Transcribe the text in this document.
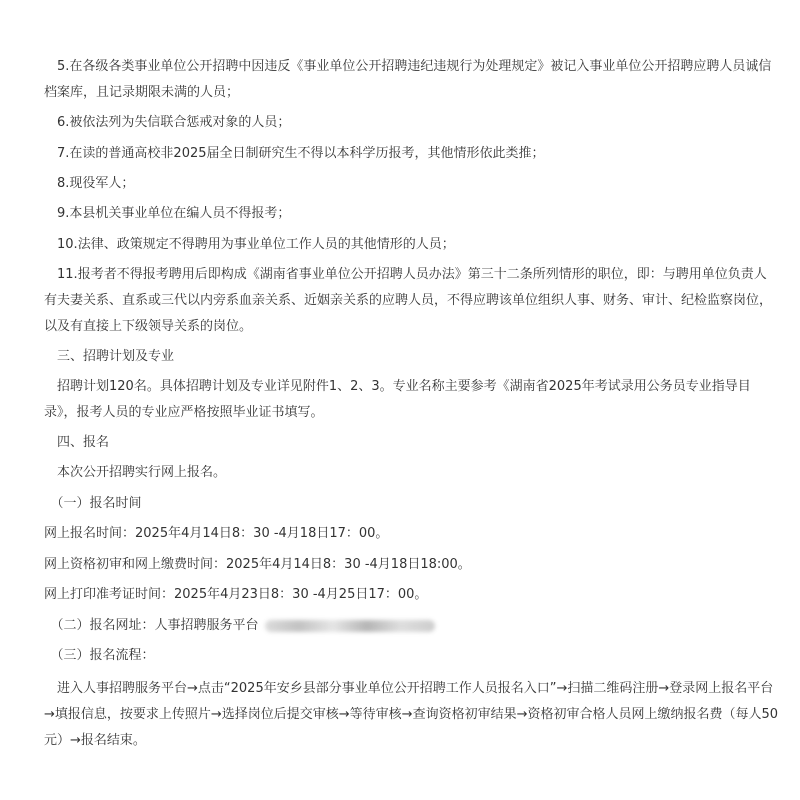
　5.在各级各类事业单位公开招聘中因违反《事业单位公开招聘违纪违规行为处理规定》被记入事业单位公开招聘应聘人员诚信档案库，且记录期限未满的人员；

　6.被依法列为失信联合惩戒对象的人员；

　7.在读的普通高校非2025届全日制研究生不得以本科学历报考，其他情形依此类推；

　8.现役军人；

　9.本县机关事业单位在编人员不得报考；

　10.法律、政策规定不得聘用为事业单位工作人员的其他情形的人员；

　11.报考者不得报考聘用后即构成《湖南省事业单位公开招聘人员办法》第三十二条所列情形的职位，即：与聘用单位负责人有夫妻关系、直系或三代以内旁系血亲关系、近姻亲关系的应聘人员，不得应聘该单位组织人事、财务、审计、纪检监察岗位，以及有直接上下级领导关系的岗位。

　三、招聘计划及专业

　招聘计划120名。具体招聘计划及专业详见附件1、2、3。专业名称主要参考《湖南省2025年考试录用公务员专业指导目录》，报考人员的专业应严格按照毕业证书填写。

　四、报名

　本次公开招聘实行网上报名。

　（一）报名时间

网上报名时间：2025年4月14日8：30 -4月18日17：00。

网上资格初审和网上缴费时间：2025年4月14日8：30 -4月18日18:00。

网上打印准考证时间：2025年4月23日8：30 -4月25日17：00。

　（二）报名网址：人事招聘服务平台

　（三）报名流程：

　进入人事招聘服务平台→点击“2025年安乡县部分事业单位公开招聘工作人员报名入口”→扫描二维码注册→登录网上报名平台→填报信息，按要求上传照片→选择岗位后提交审核→等待审核→查询资格初审结果→资格初审合格人员网上缴纳报名费（每人50元）→报名结束。
